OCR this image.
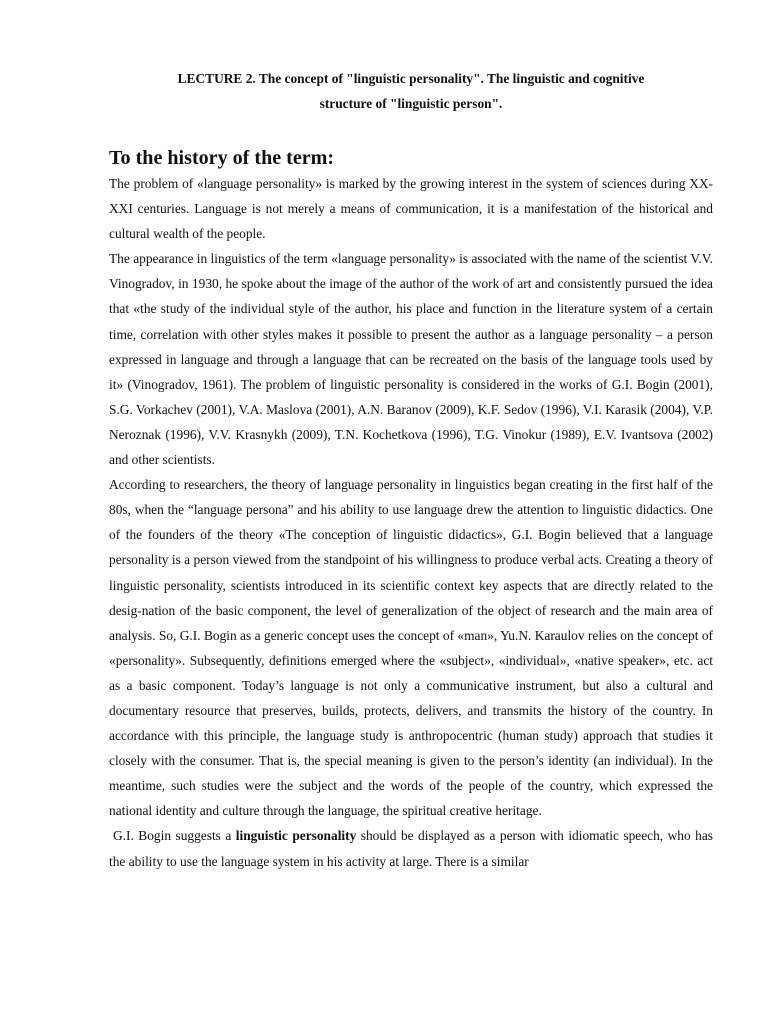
LECTURE 2. The concept of "linguistic personality". The linguistic and cognitive
structure of "linguistic person".
To the history of the term:

The problem of «language personality» is marked by the growing interest in the system of sciences during XX-XXI centuries. Language is not merely a means of communication, it is a manifestation of the historical and cultural wealth of the people.

The appearance in linguistics of the term «language personality» is associated with the name of the scientist V.V. Vinogradov, in 1930, he spoke about the image of the author of the work of art and consistently pursued the idea that «the study of the individual style of the author, his place and function in the literature system of a certain time, correlation with other styles makes it possible to present the author as a language personality – a person expressed in language and through a language that can be recreated on the basis of the language tools used by it» (Vinogradov, 1961). The problem of linguistic personality is considered in the works of G.I. Bogin (2001), S.G. Vorkachev (2001), V.A. Maslova (2001), A.N. Baranov (2009), K.F. Sedov (1996), V.I. Karasik (2004), V.P. Neroznak (1996), V.V. Krasnykh (2009), T.N. Kochetkova (1996), T.G. Vinokur (1989), E.V. Ivantsova (2002) and other scientists.

According to researchers, the theory of language personality in linguistics began creating in the first half of the 80s, when the “language persona” and his ability to use language drew the attention to linguistic didactics. One of the founders of the theory «The conception of linguistic didactics», G.I. Bogin believed that a language personality is a person viewed from the standpoint of his willingness to produce verbal acts. Creating a theory of linguistic personality, scientists introduced in its scientific context key aspects that are directly related to the desig-nation of the basic component, the level of generalization of the object of research and the main area of analysis. So, G.I. Bogin as a generic concept uses the concept of «man», Yu.N. Karaulov relies on the concept of «personality». Subsequently, definitions emerged where the «subject», «individual», «native speaker», etc. act as a basic component. Today’s language is not only a communicative instrument, but also a cultural and documentary resource that preserves, builds, protects, delivers, and transmits the history of the country. In accordance with this principle, the language study is anthropocentric (human study) approach that studies it closely with the consumer. That is, the special meaning is given to the person’s identity (an individual). In the meantime, such studies were the subject and the words of the people of the country, which expressed the national identity and culture through the language, the spiritual creative heritage.

G.I. Bogin suggests a linguistic personality should be displayed as a person with idiomatic speech, who has the ability to use the language system in his activity at large. There is a similar
